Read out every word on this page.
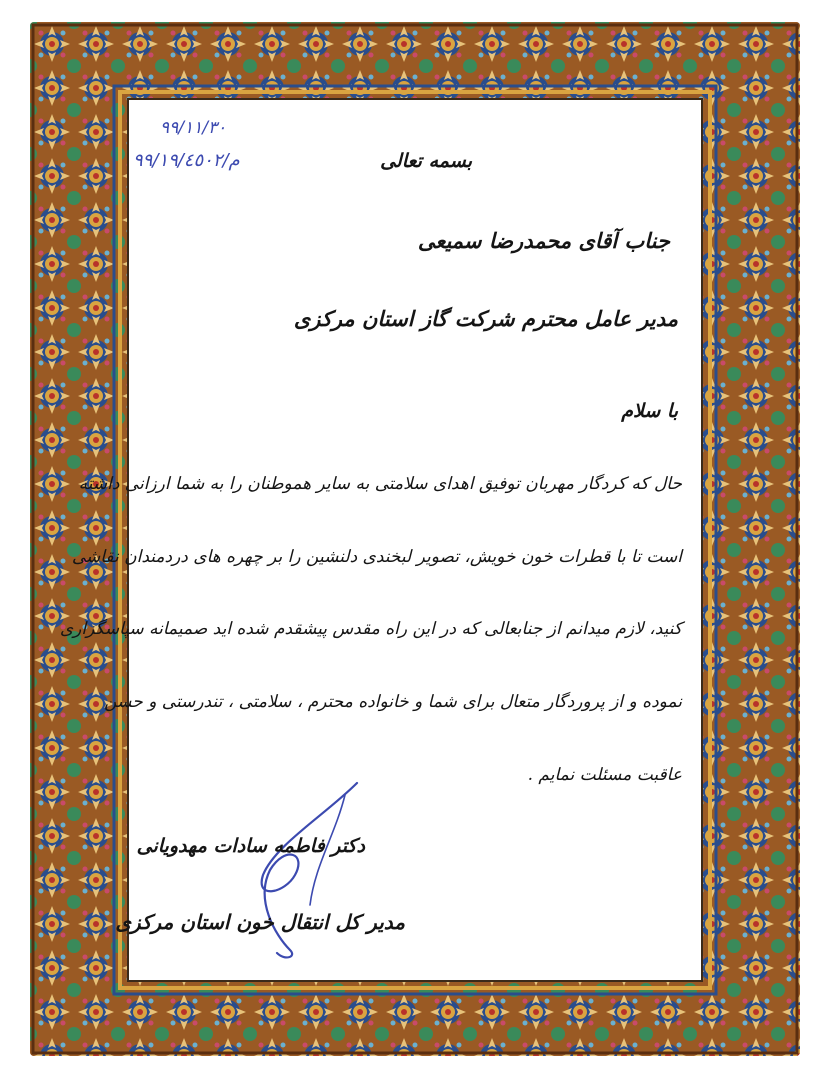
۹۹/۱۱/۳۰
م/۹۹/۱۹/٤٥٠٢	بسمه تعالی
جناب آقای محمدرضا سمیعی
مدیر عامل محترم شرکت گاز استان مرکزی
با سلام
حال که کردگار مهربان توفیق اهدای سلامتی به سایر هموطنان را به شما ارزانی داشته
است تا با قطرات خون خویش، تصویر لبخندی دلنشین را بر چهره های دردمندان نقاشی
کنید، لازم میدانم از جنابعالی که در این راه مقدس پیشقدم شده اید صمیمانه سپاسگزاری
نموده و از پروردگار متعال برای شما و خانواده محترم ، سلامتی ، تندرستی و حسن
عاقبت مسئلت نمایم .
دکتر فاطمه سادات مهدویانی
مدیر کل انتقال خون استان مرکزی
